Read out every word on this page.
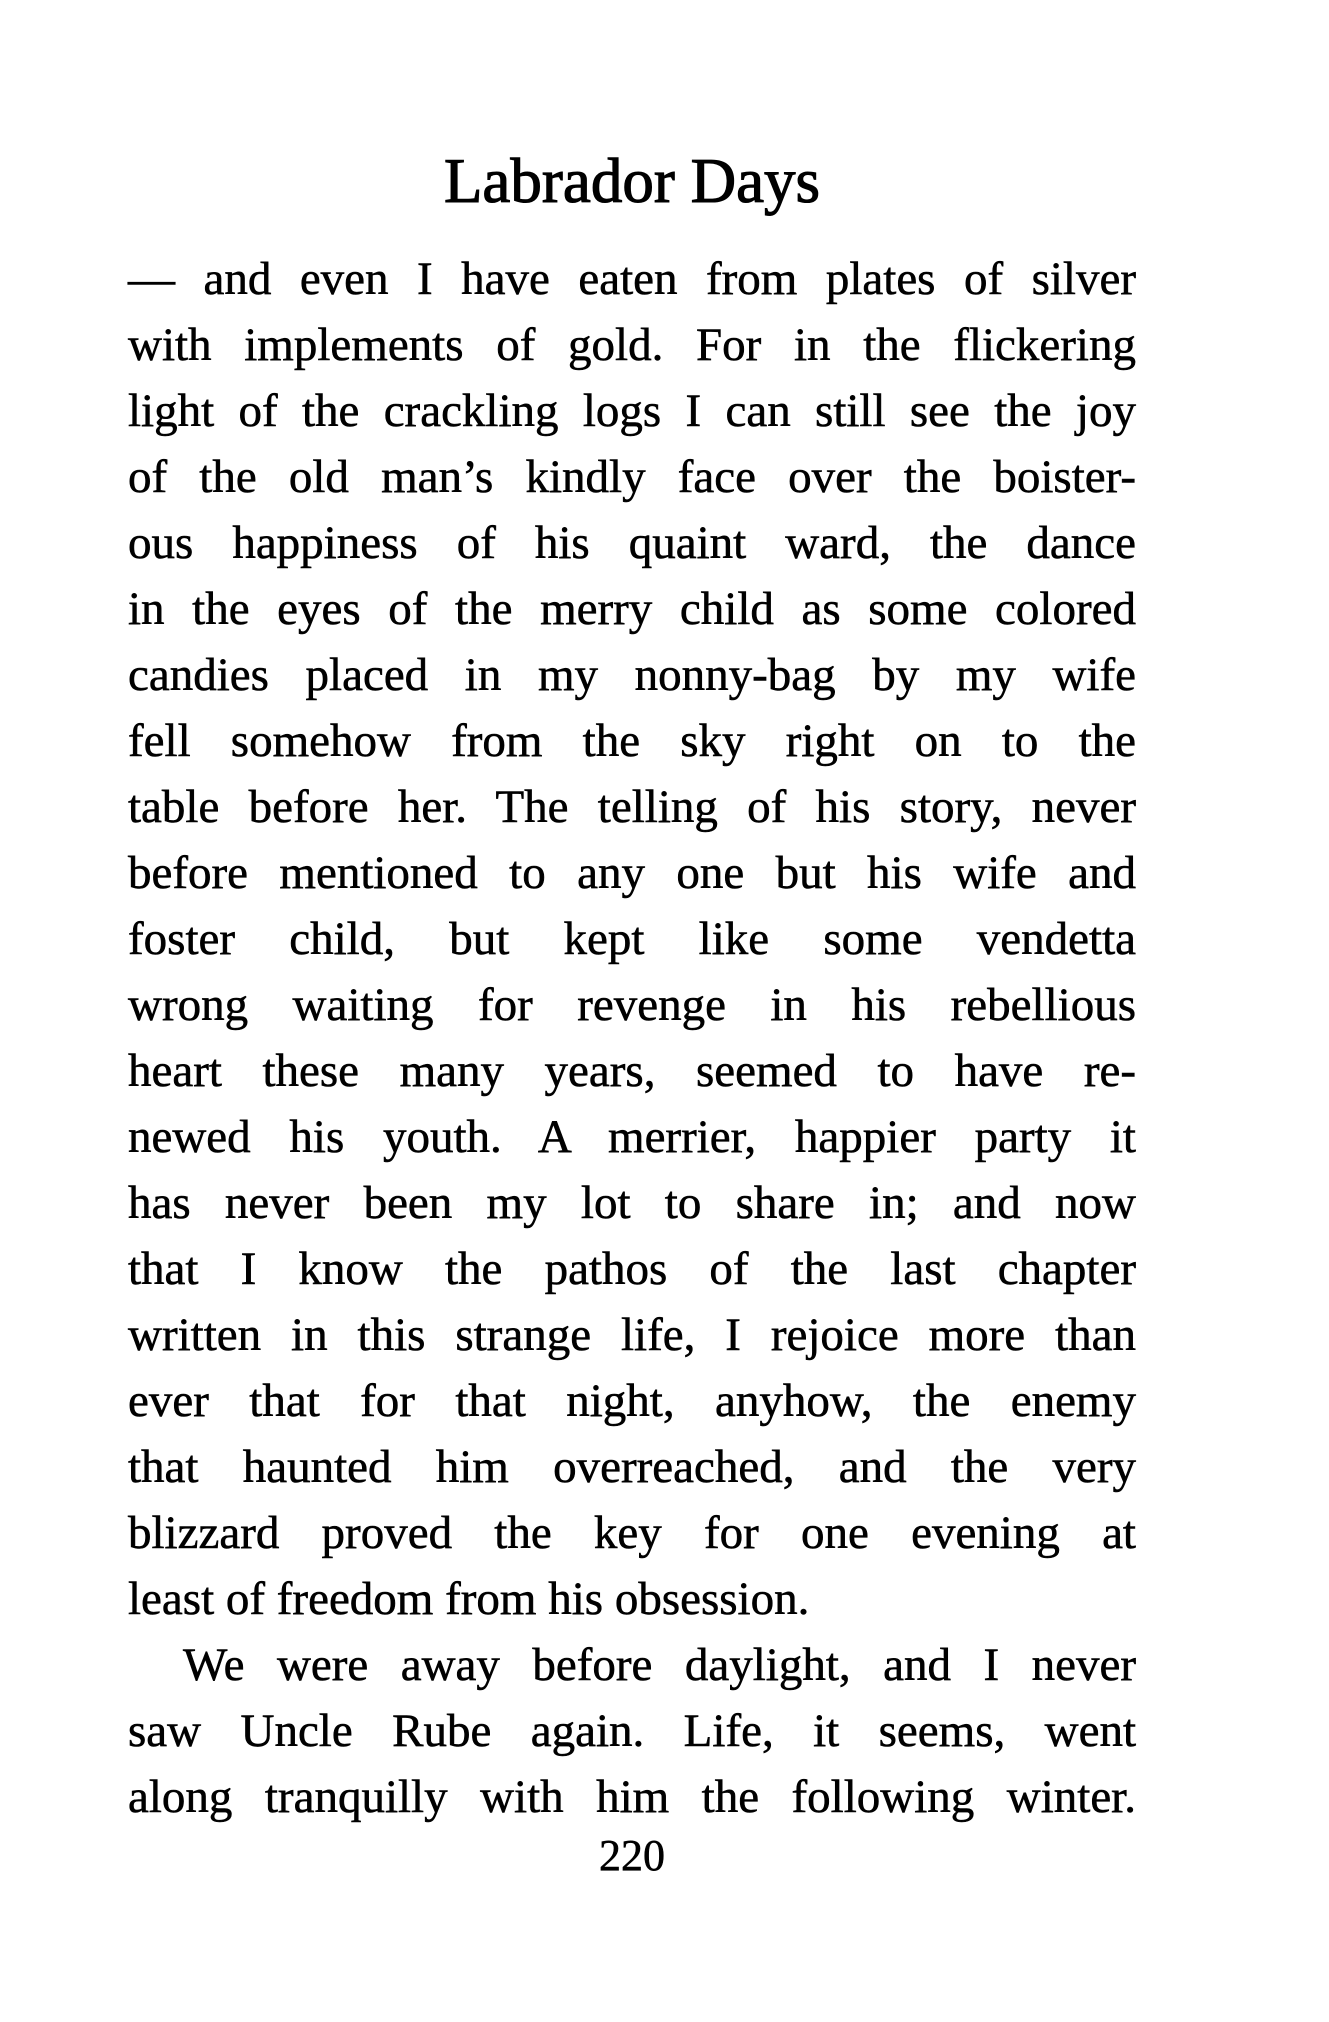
Labrador Days
— and even I have eaten from plates of silver
with implements of gold. For in the flickering
light of the crackling logs I can still see the joy
of the old man’s kindly face over the boister-
ous happiness of his quaint ward, the dance
in the eyes of the merry child as some colored
candies placed in my nonny-bag by my wife
fell somehow from the sky right on to the
table before her. The telling of his story, never
before mentioned to any one but his wife and
foster child, but kept like some vendetta
wrong waiting for revenge in his rebellious
heart these many years, seemed to have re-
newed his youth. A merrier, happier party it
has never been my lot to share in; and now
that I know the pathos of the last chapter
written in this strange life, I rejoice more than
ever that for that night, anyhow, the enemy
that haunted him overreached, and the very
blizzard proved the key for one evening at
least of freedom from his obsession.
We were away before daylight, and I never
saw Uncle Rube again. Life, it seems, went
along tranquilly with him the following winter.
220
